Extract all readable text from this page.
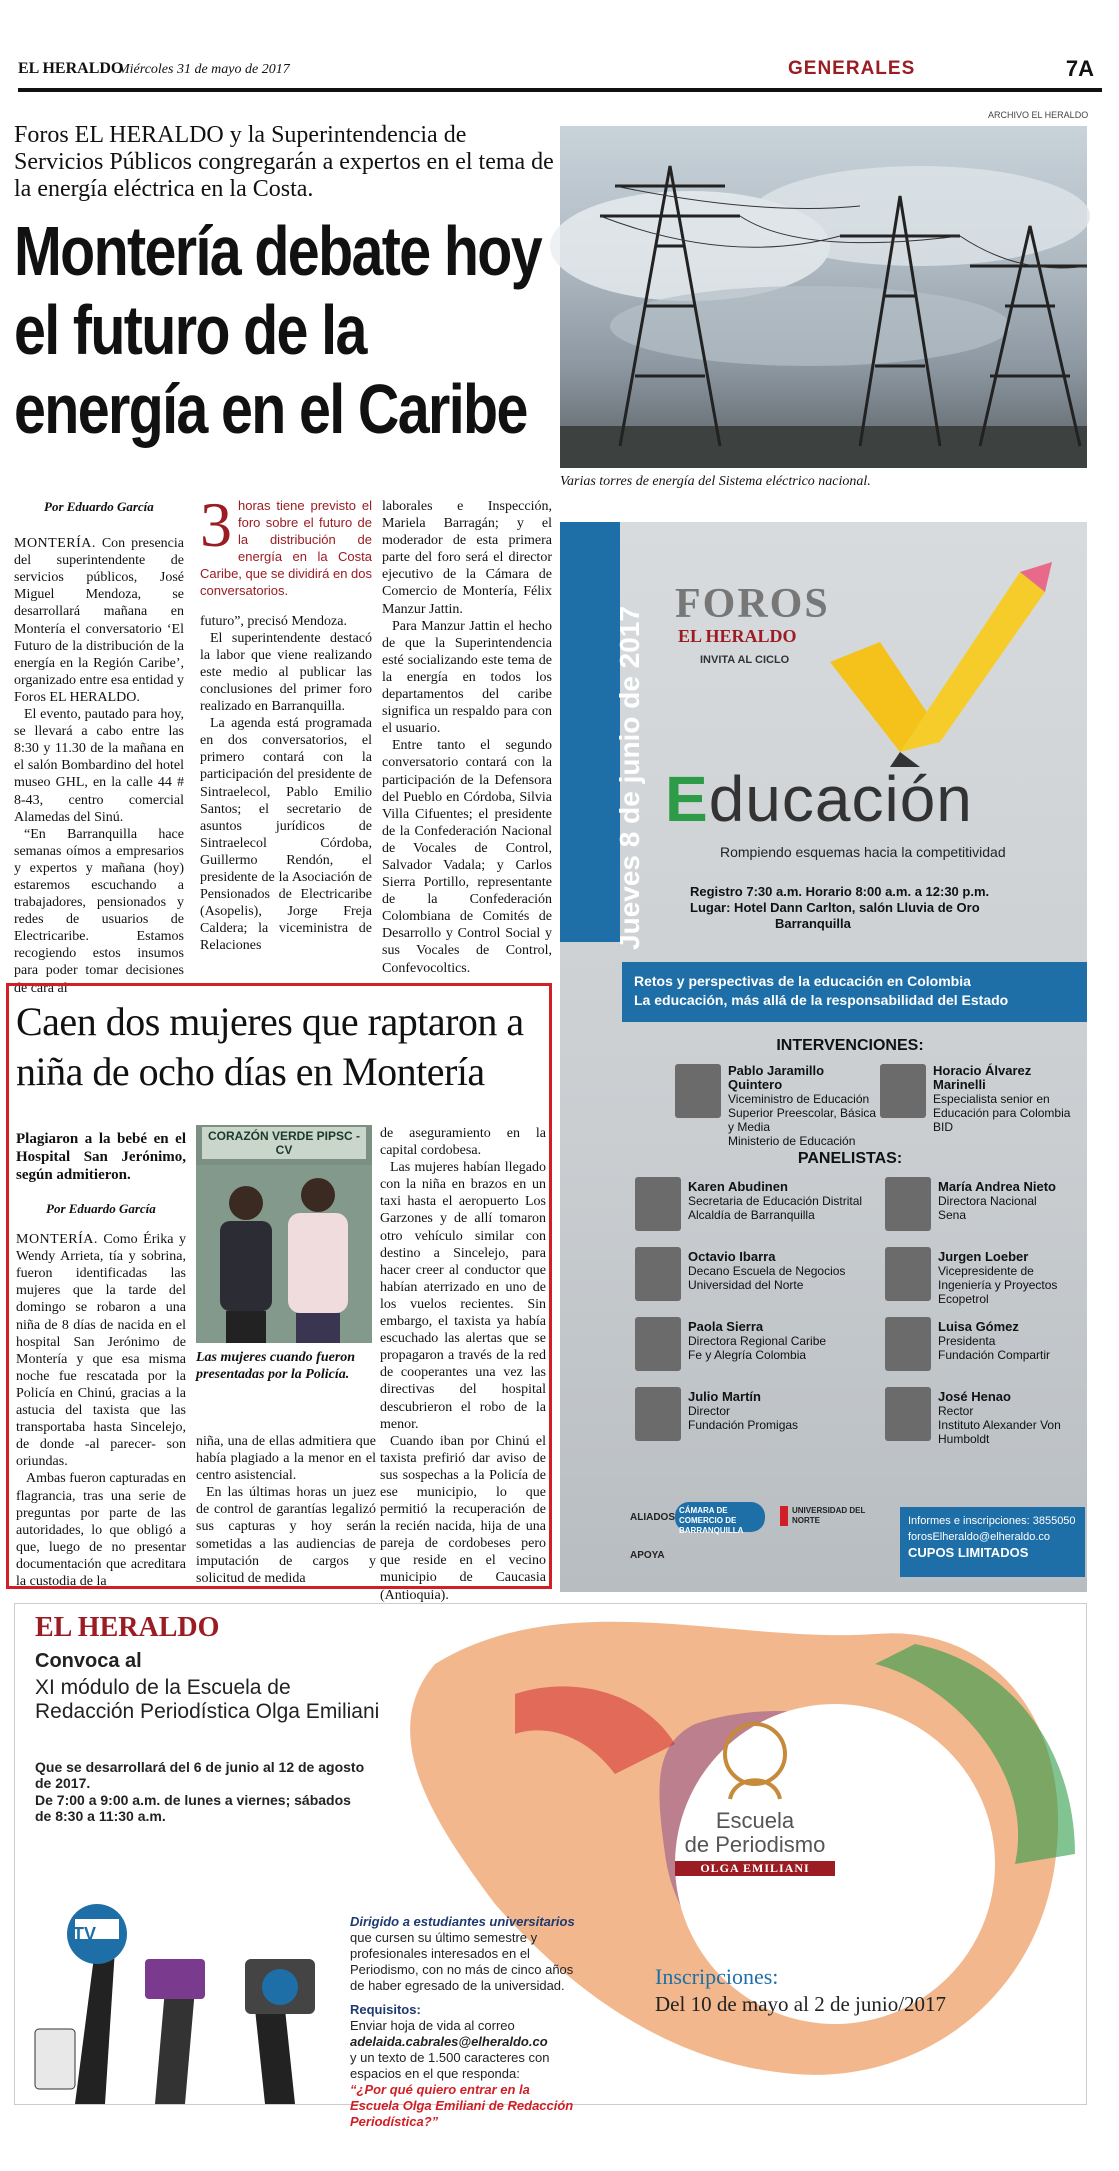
EL HERALDO
Miércoles 31 de mayo de 2017	GENERALES	7A
ARCHIVO EL HERALDO
Foros EL HERALDO y la Superintendencia de Servicios Públicos congregarán a expertos en el tema de la energía eléctrica en la Costa.
Montería debate hoy el futuro de la energía en el Caribe
Varias torres de energía del Sistema eléctrico nacional.
Por Eduardo García

MONTERÍA. Con presencia del superintendente de servicios públicos, José Miguel Mendoza, se desarrollará mañana en Montería el conversatorio ‘El Futuro de la distribución de la energía en la Región Caribe’, organizado entre esa entidad y Foros EL HERALDO.

El evento, pautado para hoy, se llevará a cabo entre las 8:30 y 11.30 de la mañana en el salón Bombardino del hotel museo GHL, en la calle 44 # 8-43, centro comercial Alamedas del Sinú.

“En Barranquilla hace semanas oímos a empresarios y expertos y mañana (hoy) estaremos escuchando a trabajadores, pensionados y redes de usuarios de Electricaribe. Estamos recogiendo estos insumos para poder tomar decisiones de cara al

3 horas tiene previsto el foro sobre el futuro de la distribución de energía en la Costa Caribe, que se dividirá en dos conversatorios.

futuro”, precisó Mendoza.

El superintendente destacó la labor que viene realizando este medio al publicar las conclusiones del primer foro realizado en Barranquilla.

La agenda está programada en dos conversatorios, el primero contará con la participación del presidente de Sintraelecol, Pablo Emilio Santos; el secretario de asuntos jurídicos de Sintraelecol Córdoba, Guillermo Rendón, el presidente de la Asociación de Pensionados de Electricaribe (Asopelis), Jorge Freja Caldera; la viceministra de Relaciones

laborales e Inspección, Mariela Barragán; y el moderador de esta primera parte del foro será el director ejecutivo de la Cámara de Comercio de Montería, Félix Manzur Jattin.

Para Manzur Jattin el hecho de que la Superintendencia esté socializando este tema de la energía en todos los departamentos del caribe significa un respaldo para con el usuario.

Entre tanto el segundo conversatorio contará con la participación de la Defensora del Pueblo en Córdoba, Silvia Villa Cifuentes; el presidente de la Confederación Nacional de Vocales de Control, Salvador Vadala; y Carlos Sierra Portillo, representante de la Confederación Colombiana de Comités de Desarrollo y Control Social y sus Vocales de Control, Confevocoltics.

Caen dos mujeres que raptaron a niña de ocho días en Montería
Plagiaron a la bebé en el Hospital San Jerónimo, según admitieron.
Por Eduardo García

MONTERÍA. Como Érika y Wendy Arrieta, tía y sobrina, fueron identificadas las mujeres que la tarde del domingo se robaron a una niña de 8 días de nacida en el hospital San Jerónimo de Montería y que esa misma noche fue rescatada por la Policía en Chinú, gracias a la astucia del taxista que las transportaba hasta Sincelejo, de donde -al parecer- son oriundas.

Ambas fueron capturadas en flagrancia, tras una serie de preguntas por parte de las autoridades, lo que obligó a que, luego de no presentar documentación que acreditara la custodia de la

CORAZÓN VERDE PIPSC - CV
Las mujeres cuando fueron presentadas por la Policía.

niña, una de ellas admitiera que había plagiado a la menor en el centro asistencial.

En las últimas horas un juez de control de garantías legalizó sus capturas y hoy serán sometidas a las audiencias de imputación de cargos y solicitud de medida

de aseguramiento en la capital cordobesa.

Las mujeres habían llegado con la niña en brazos en un taxi hasta el aeropuerto Los Garzones y de allí tomaron otro vehículo similar con destino a Sincelejo, para hacer creer al conductor que habían aterrizado en uno de los vuelos recientes. Sin embargo, el taxista ya había escuchado las alertas que se propagaron a través de la red de cooperantes una vez las directivas del hospital descubrieron el robo de la menor.

Cuando iban por Chinú el taxista prefirió dar aviso de sus sospechas a la Policía de ese municipio, lo que permitió la recuperación de la recién nacida, hija de una pareja de cordobeses pero que reside en el vecino municipio de Caucasia (Antioquia).

Jueves 8 de junio de 2017
FOROS
EL HERALDO
INVITA AL CICLO
Educación
Rompiendo esquemas hacia la competitividad
Registro 7:30 a.m. Horario 8:00 a.m. a 12:30 p.m.
Lugar: Hotel Dann Carlton, salón Lluvia de Oro
Barranquilla
Retos y perspectivas de la educación en Colombia
La educación, más allá de la responsabilidad del Estado
INTERVENCIONES:
Pablo Jaramillo Quintero
Viceministro de Educación Superior Preescolar, Básica y Media
Ministerio de Educación
Horacio Álvarez Marinelli
Especialista senior en Educación para Colombia
BID
PANELISTAS:
Karen Abudinen
Secretaria de Educación Distrital
Alcaldía de Barranquilla
Octavio Ibarra
Decano Escuela de Negocios
Universidad del Norte
Paola Sierra
Directora Regional Caribe
Fe y Alegría Colombia
Julio Martín
Director
Fundación Promigas
María Andrea Nieto
Directora Nacional
Sena
Jurgen Loeber
Vicepresidente de Ingeniería y Proyectos
Ecopetrol
Luisa Gómez
Presidenta
Fundación Compartir
José Henao
Rector
Instituto Alexander Von Humboldt
ALIADOS
CÁMARA DE COMERCIO DE BARRANQUILLA
UNIVERSIDAD DEL NORTE
APOYA
Informes e inscripciones: 3855050
forosElheraldo@elheraldo.co
CUPOS LIMITADOS
EL HERALDO
Convoca al
XI módulo de la Escuela de Redacción Periodística Olga Emiliani
Que se desarrollará del 6 de junio al 12 de agosto de 2017.
De 7:00 a 9:00 a.m. de lunes a viernes; sábados de 8:30 a 11:30 a.m.
TV
Dirigido a estudiantes universitarios que cursen su último semestre y profesionales interesados en el Periodismo, con no más de cinco años de haber egresado de la universidad.
Requisitos:
Enviar hoja de vida al correo
adelaida.cabrales@elheraldo.co
y un texto de 1.500 caracteres con espacios en el que responda:
“¿Por qué quiero entrar en la Escuela Olga Emiliani de Redacción Periodística?”
Escuela
de Periodismo
OLGA EMILIANI
Inscripciones:
Del 10 de mayo al 2 de junio/2017
